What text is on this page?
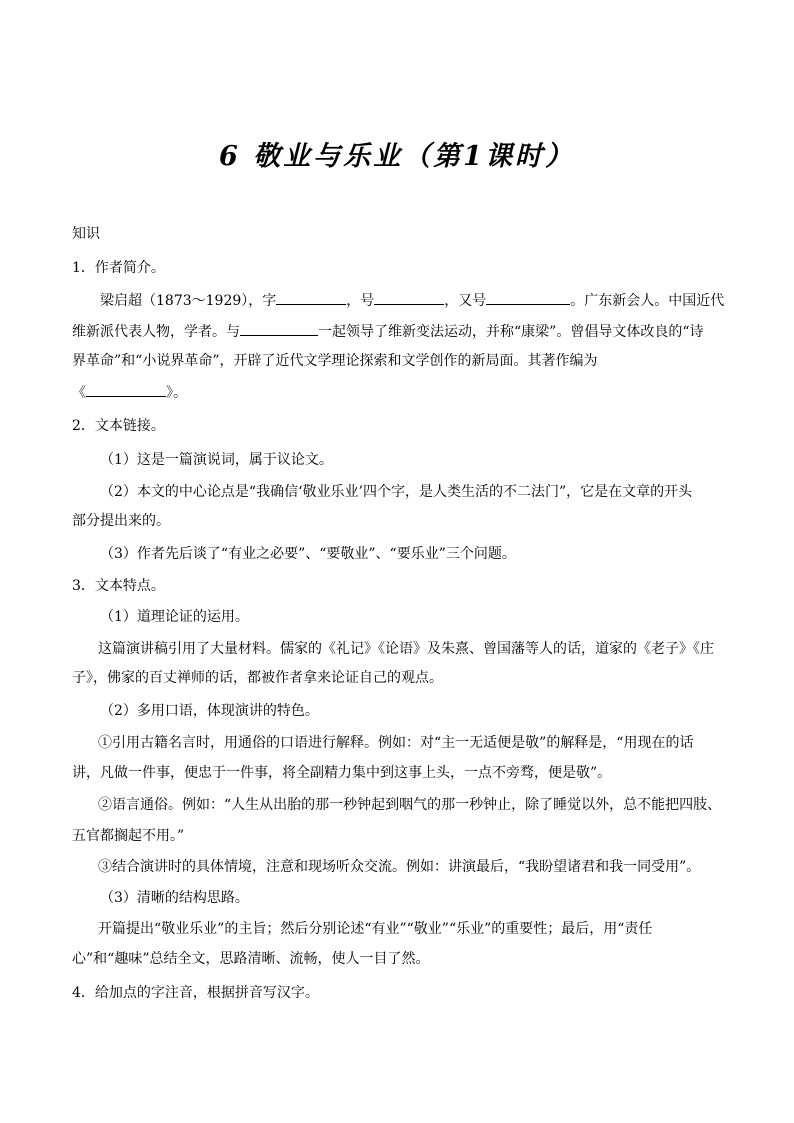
6 敬业与乐业（第1课时）
知识
1．作者简介。
梁启超（1873～1929），字	，号	，又号	。广东新会人。中国近代
维新派代表人物，学者。与	一起领导了维新变法运动，并称“康梁”。曾倡导文体改良的“诗
界革命”和“小说界革命”，开辟了近代文学理论探索和文学创作的新局面。其著作编为
《	》。
2．文本链接。
（1）这是一篇演说词，属于议论文。
（2）本文的中心论点是“我确信‘敬业乐业’四个字，是人类生活的不二法门”，它是在文章的开头
部分提出来的。
（3）作者先后谈了“有业之必要”、“要敬业”、“要乐业”三个问题。
3．文本特点。
（1）道理论证的运用。
这篇演讲稿引用了大量材料。儒家的《礼记》《论语》及朱熹、曾国藩等人的话，道家的《老子》《庄
子》，佛家的百丈禅师的话，都被作者拿来论证自己的观点。
（2）多用口语，体现演讲的特色。
①引用古籍名言时，用通俗的口语进行解释。例如：对“主一无适便是敬”的解释是，“用现在的话
讲，凡做一件事，便忠于一件事，将全副精力集中到这事上头，一点不旁骛，便是敬”。
②语言通俗。例如：“人生从出胎的那一秒钟起到咽气的那一秒钟止，除了睡觉以外，总不能把四肢、
五官都搁起不用。”
③结合演讲时的具体情境，注意和现场听众交流。例如：讲演最后，“我盼望诸君和我一同受用”。
（3）清晰的结构思路。
开篇提出“敬业乐业”的主旨；然后分别论述“有业”“敬业”“乐业”的重要性；最后，用“责任
心”和“趣味”总结全文，思路清晰、流畅，使人一目了然。
4．给加点的字注音，根据拼音写汉字。
